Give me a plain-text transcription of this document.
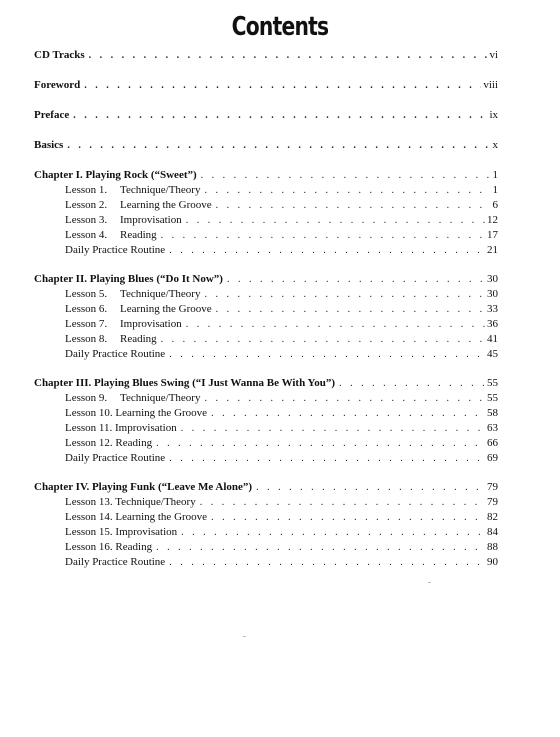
Contents
CD Tracks . . .	vi
Foreword . . .	viii
Preface . . .	ix
Basics . . .	x
Chapter I. Playing Rock (“Sweet”) . . .	1
Lesson 1. Technique/Theory . . .	1
Lesson 2. Learning the Groove . . .	6
Lesson 3. Improvisation . . .	12
Lesson 4. Reading . . .	17
Daily Practice Routine . . .	21
Chapter II. Playing Blues (“Do It Now”) . . .	30
Lesson 5. Technique/Theory . . .	30
Lesson 6. Learning the Groove . . .	33
Lesson 7. Improvisation . . .	36
Lesson 8. Reading . . .	41
Daily Practice Routine . . .	45
Chapter III. Playing Blues Swing (“I Just Wanna Be With You”) . . .	55
Lesson 9. Technique/Theory . . .	55
Lesson 10. Learning the Groove . . .	58
Lesson 11. Improvisation . . .	63
Lesson 12. Reading . . .	66
Daily Practice Routine . . .	69
Chapter IV. Playing Funk (“Leave Me Alone”) . . .	79
Lesson 13. Technique/Theory . . .	79
Lesson 14. Learning the Groove . . .	82
Lesson 15. Improvisation . . .	84
Lesson 16. Reading . . .	88
Daily Practice Routine . . .	90
